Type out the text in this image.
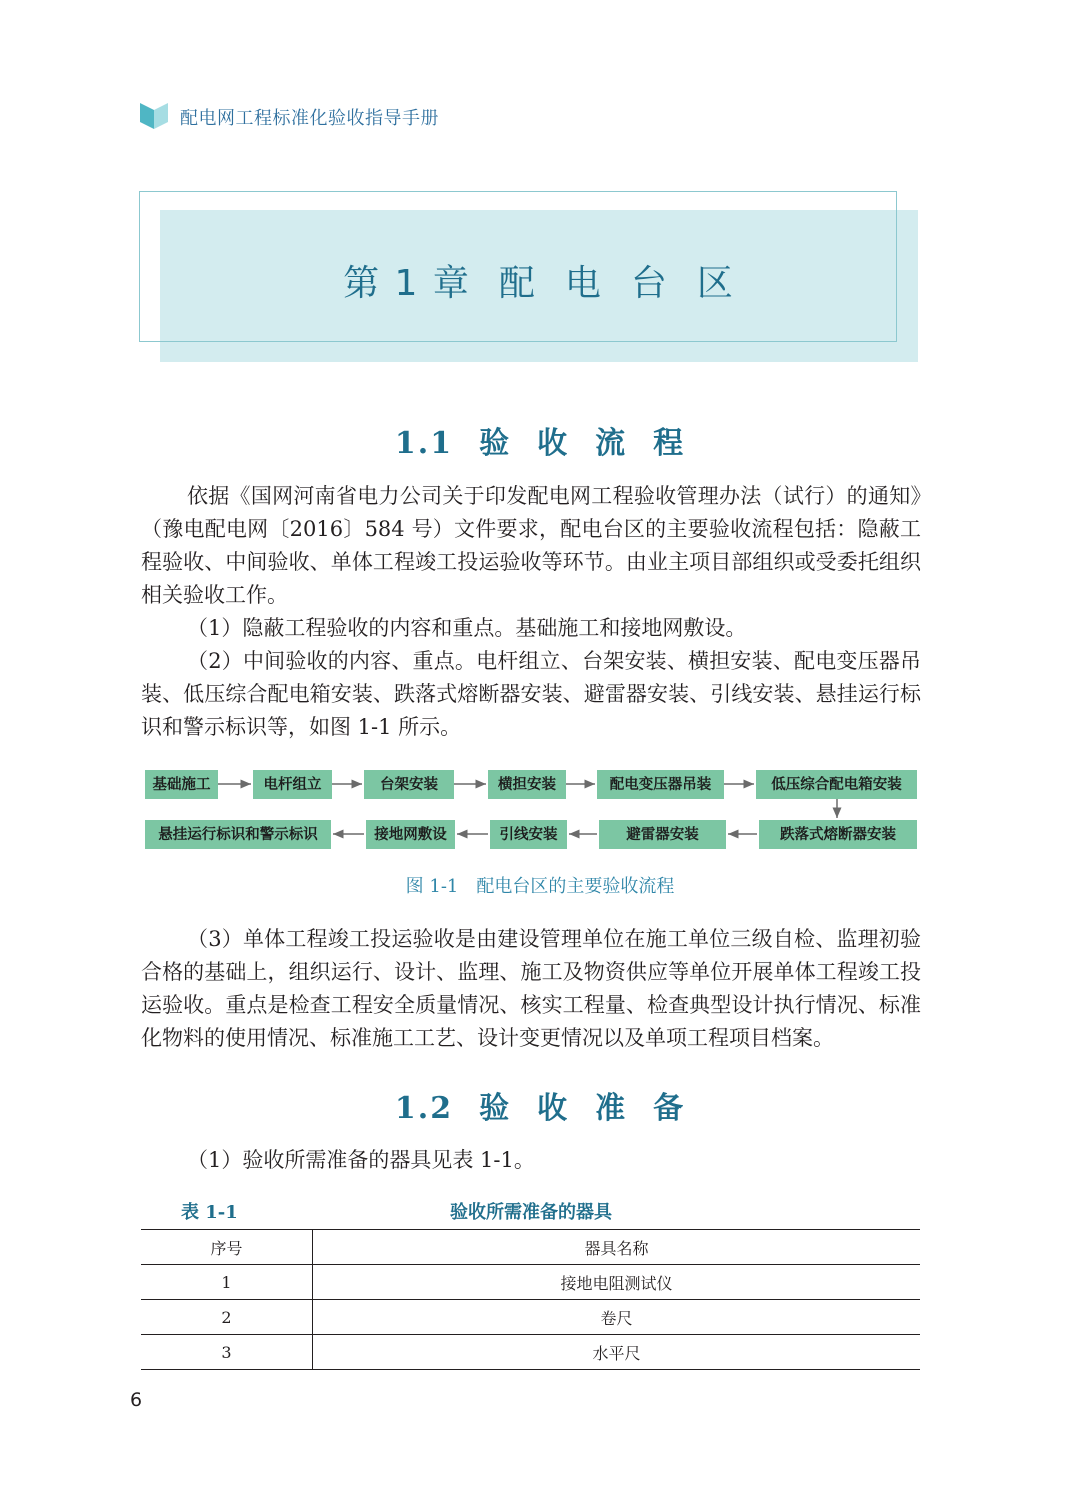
配电网工程标准化验收指导手册
第 1 章 配 电 台 区
1.1 验 收 流 程

依据《国网河南省电力公司关于印发配电网工程验收管理办法（试行）的通知》（豫电配电网〔2016〕584 号）文件要求，配电台区的主要验收流程包括：隐蔽工程验收、中间验收、单体工程竣工投运验收等环节。由业主项目部组织或受委托组织相关验收工作。

（1）隐蔽工程验收的内容和重点。基础施工和接地网敷设。

（2）中间验收的内容、重点。电杆组立、台架安装、横担安装、配电变压器吊装、低压综合配电箱安装、跌落式熔断器安装、避雷器安装、引线安装、悬挂运行标识和警示标识等，如图 1-1 所示。

基础施工	电杆组立	台架安装	横担安装	配电变压器吊装	低压综合配电箱安装
悬挂运行标识和警示标识	接地网敷设	引线安装	避雷器安装	跌落式熔断器安装
图 1-1 配电台区的主要验收流程

（3）单体工程竣工投运验收是由建设管理单位在施工单位三级自检、监理初验合格的基础上，组织运行、设计、监理、施工及物资供应等单位开展单体工程竣工投运验收。重点是检查工程安全质量情况、核实工程量、检查典型设计执行情况、标准化物料的使用情况、标准施工工艺、设计变更情况以及单项工程项目档案。

1.2 验 收 准 备

（1）验收所需准备的器具见表 1-1。

表 1-1	验收所需准备的器具
序号	器具名称
1	接地电阻测试仪
2	卷尺
3	水平尺
6
